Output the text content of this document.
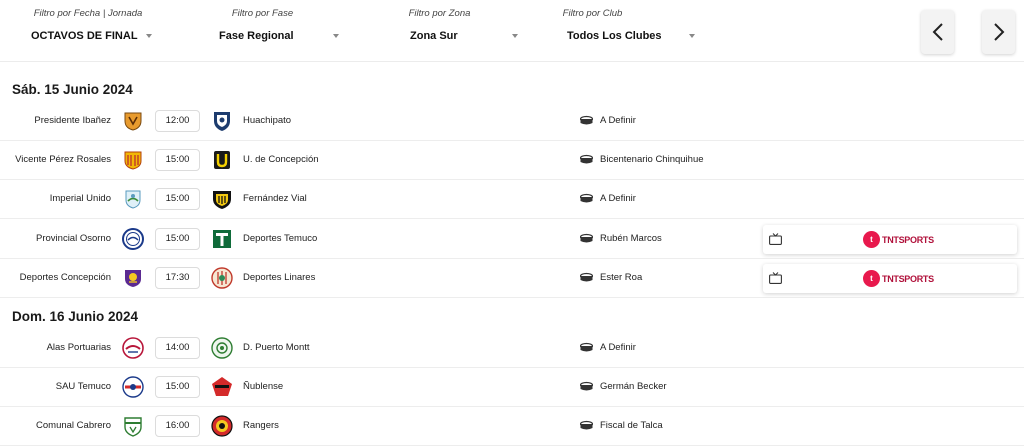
Filtro por Fecha | Jornada
OCTAVOS DE FINAL
Filtro por Fase
Fase Regional
Filtro por Zona
Zona Sur
Filtro por Club
Todos Los Clubes
Sáb. 15 Junio 2024
Presidente Ibañez	12:00	Huachipato	A Definir
Vicente Pérez Rosales	15:00	U. de Concepción	Bicentenario Chinquihue
Imperial Unido	15:00	Fernández Vial	A Definir
Provincial Osorno	15:00	Deportes Temuco	Rubén Marcos	t TNTSPORTS
Deportes Concepción	17:30	Deportes Linares	Ester Roa	t TNTSPORTS
Dom. 16 Junio 2024
Alas Portuarias	14:00	D. Puerto Montt	A Definir
SAU Temuco	15:00	Ñublense	Germán Becker
Comunal Cabrero	16:00	Rangers	Fiscal de Talca
